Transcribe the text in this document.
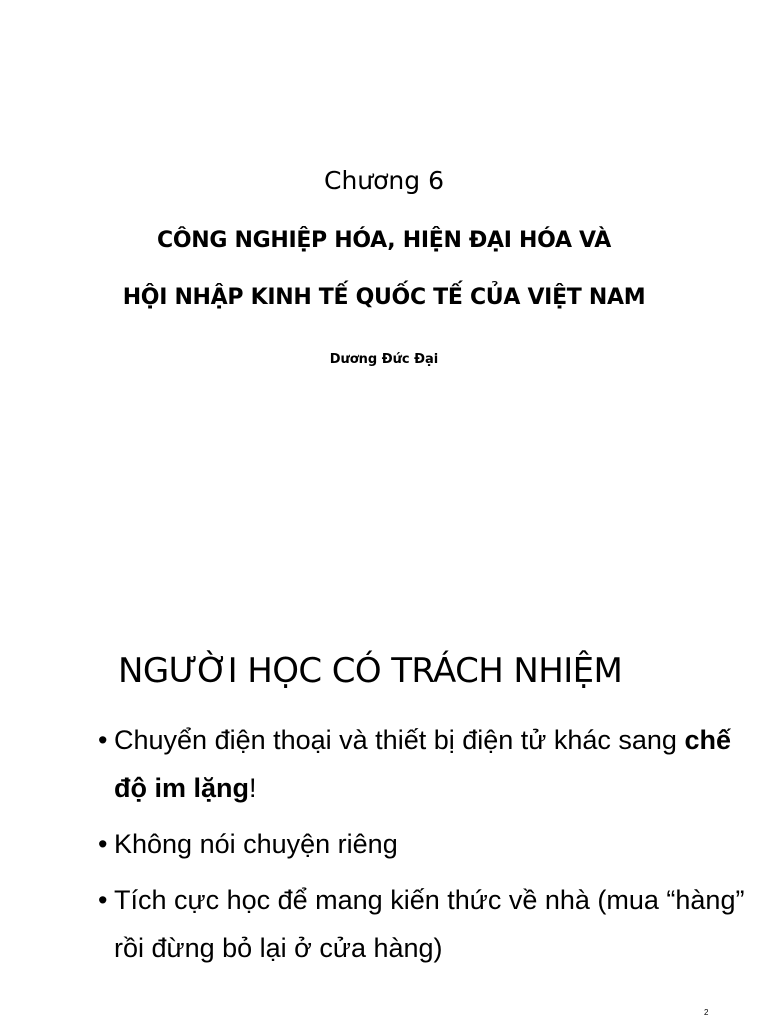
Chương 6
CÔNG NGHIỆP HÓA, HIỆN ĐẠI HÓA VÀ
HỘI NHẬP KINH TẾ QUỐC TẾ CỦA VIỆT NAM
Dương Đức Đại
NGƯỜI HỌC CÓ TRÁCH NHIỆM
• Chuyển điện thoại và thiết bị điện tử khác sang chế độ im lặng!
• Không nói chuyện riêng
• Tích cực học để mang kiến thức về nhà (mua “hàng” rồi đừng bỏ lại ở cửa hàng)
2
